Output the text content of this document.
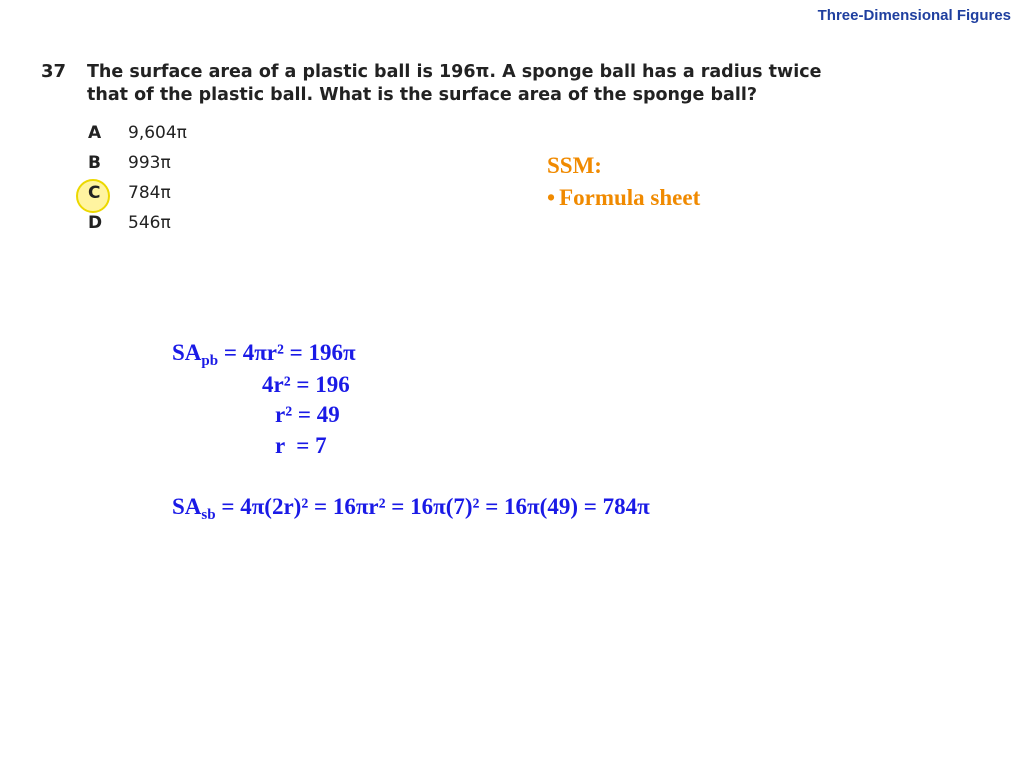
Three-Dimensional Figures
37 The surface area of a plastic ball is 196π. A sponge ball has a radius twice
that of the plastic ball. What is the surface area of the sponge ball?
A	9,604π
B	993π
C	784π
D	546π
SSM:
• Formula sheet
$SA_{pb} = 4\pi r^2 = 196\pi$
4r² = 196
r² = 49
r  = 7
$SA_{sb} = 4\pi(2r)^2 = 16\pi r^2 = 16\pi(7)^2 = 16\pi(49) = 784\pi$
